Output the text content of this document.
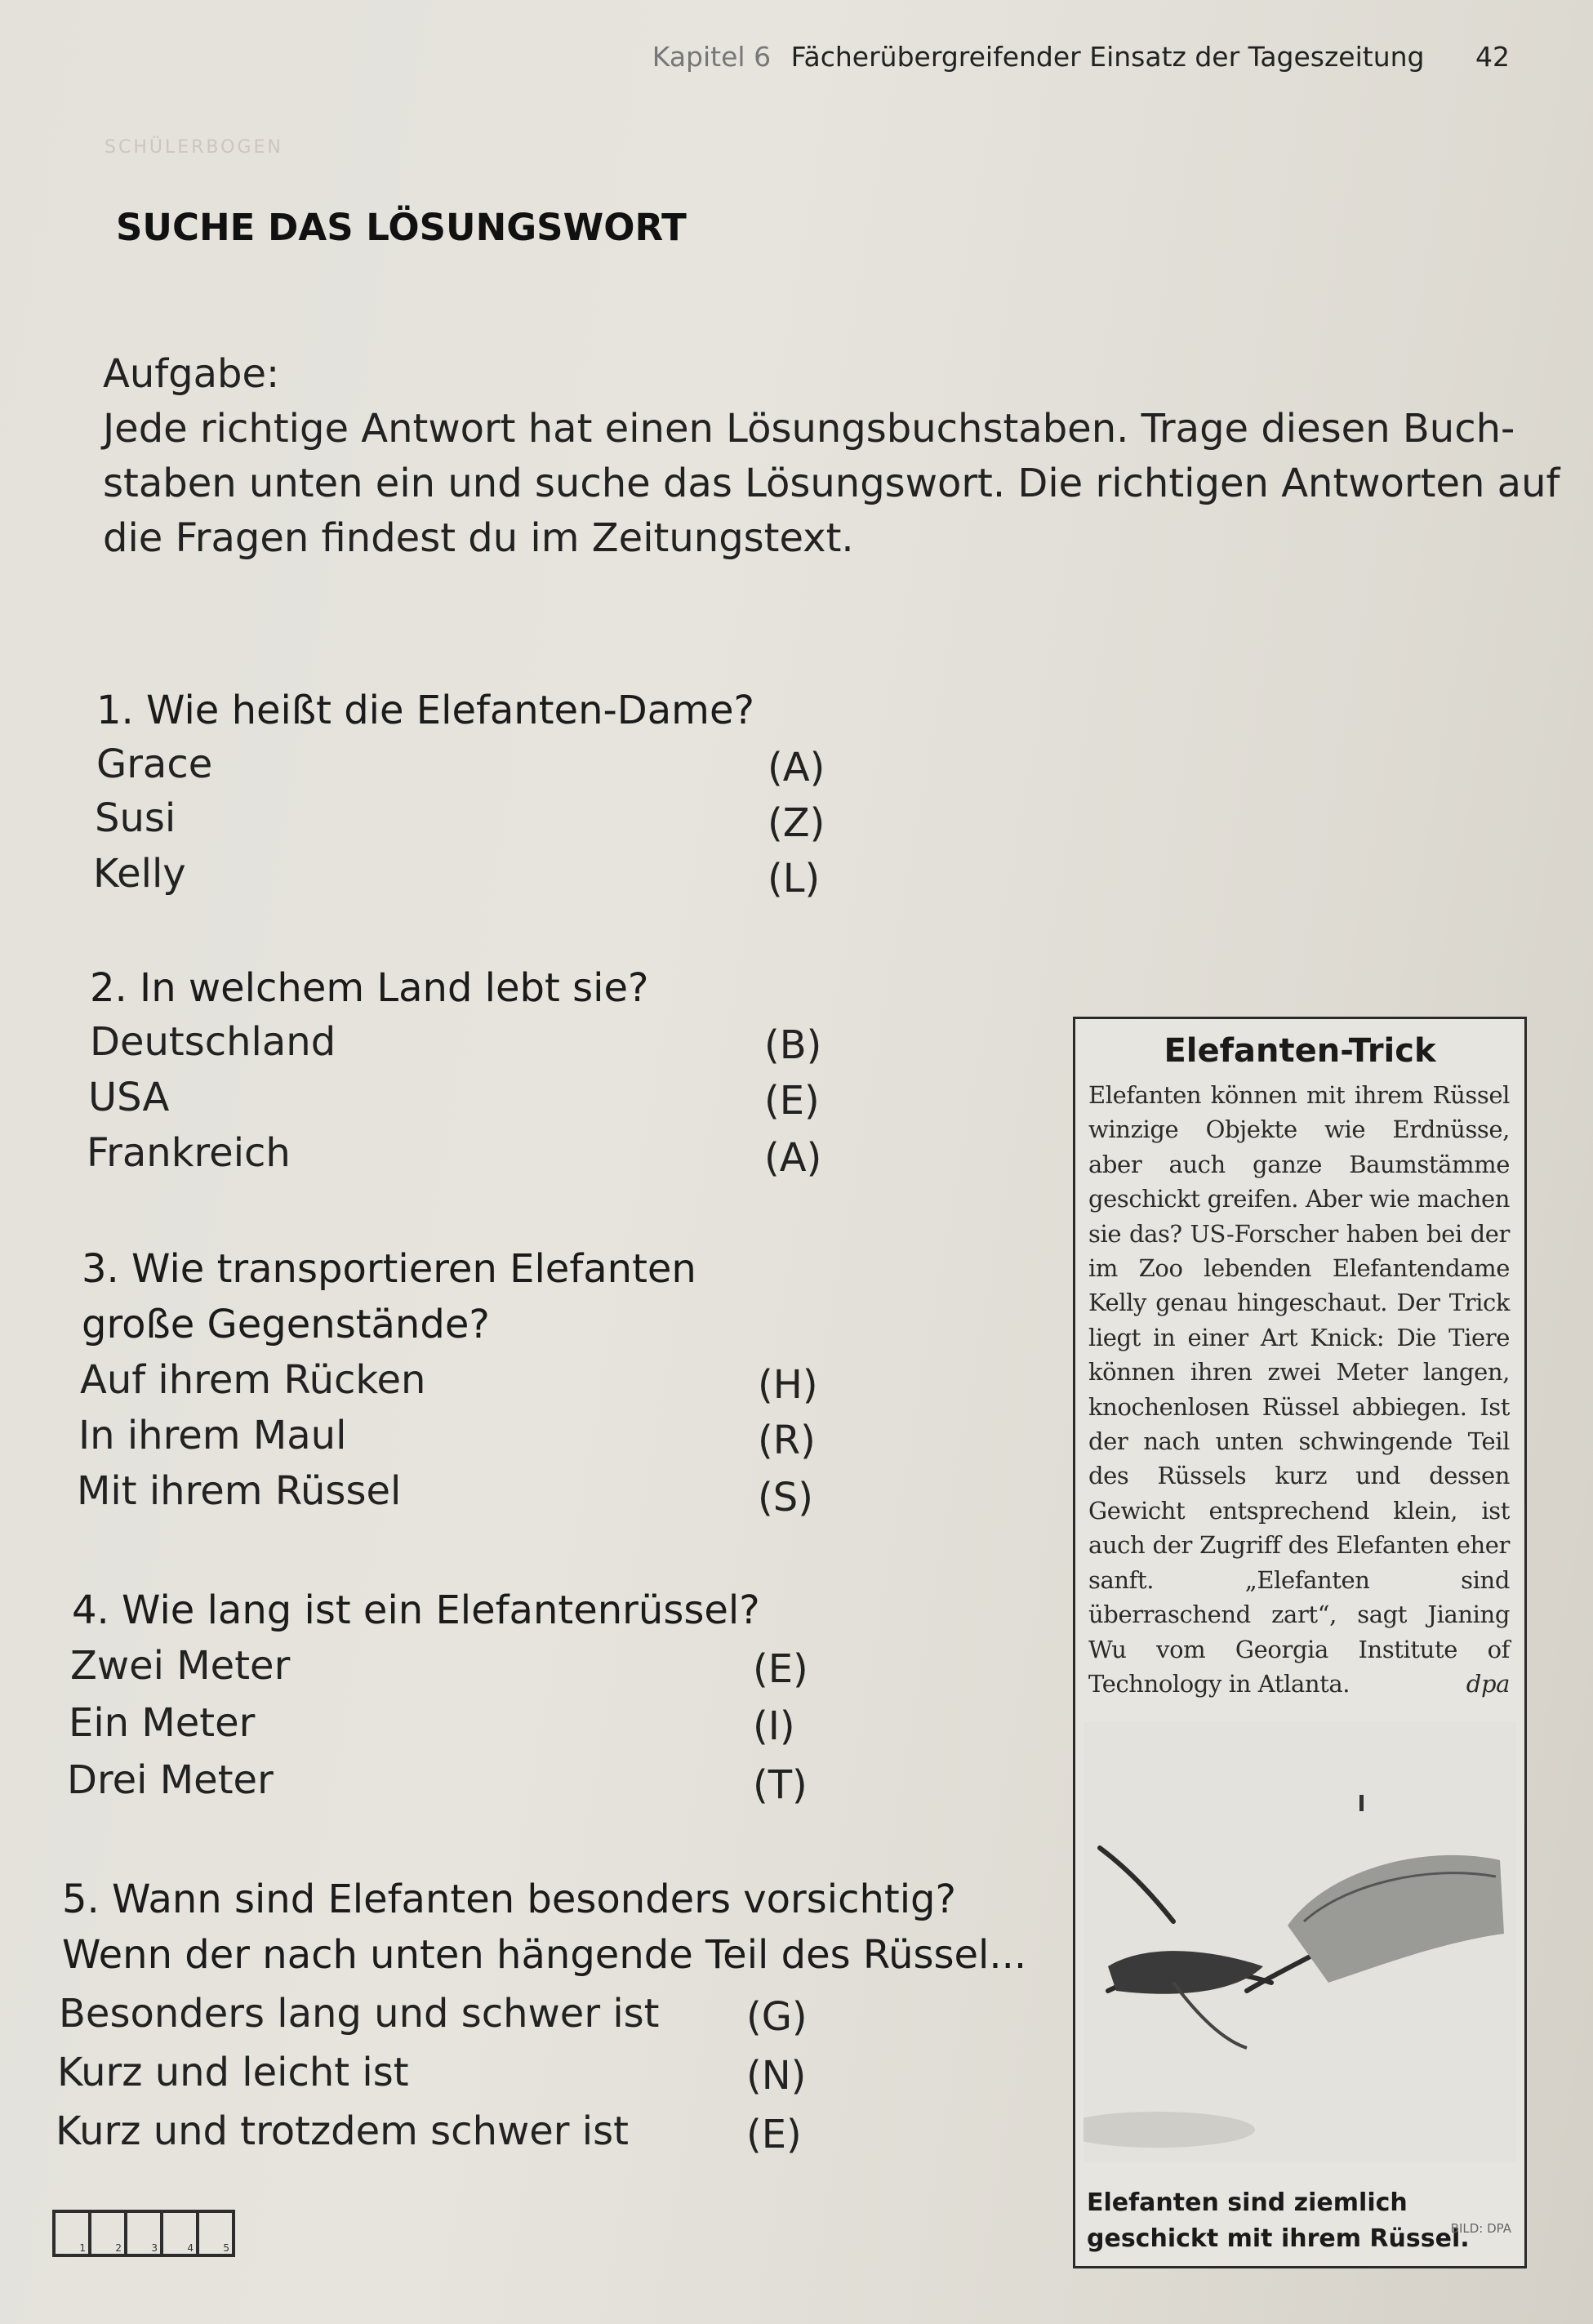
Kapitel 6 Fächerübergreifender Einsatz der Tageszeitung 42
SCHÜLERBOGEN
SUCHE DAS LÖSUNGSWORT
Aufgabe:
Jede richtige Antwort hat einen Lösungsbuchstaben. Trage diesen Buch-
staben unten ein und suche das Lösungswort. Die richtigen Antworten auf
die Fragen findest du im Zeitungstext.
1. Wie heißt die Elefanten-Dame?
Grace	(A)
Susi	(Z)
Kelly	(L)
2. In welchem Land lebt sie?
Deutschland	(B)
USA	(E)
Frankreich	(A)
3. Wie transportieren Elefanten
große Gegenstände?
Auf ihrem Rücken	(H)
In ihrem Maul	(R)
Mit ihrem Rüssel	(S)
4. Wie lang ist ein Elefantenrüssel?
Zwei Meter	(E)
Ein Meter	(I)
Drei Meter	(T)
5. Wann sind Elefanten besonders vorsichtig?
Wenn der nach unten hängende Teil des Rüssel...
Besonders lang und schwer ist (G)
Kurz und leicht ist	(N)
Kurz und trotzdem schwer ist	(E)
1	2	3	4	5
Elefanten-Trick
Elefanten können mit ihrem Rüssel winzige Objekte wie Erdnüsse, aber auch ganze Baumstämme geschickt greifen. Aber wie machen sie das? US-Forscher haben bei der im Zoo lebenden Elefantendame Kelly genau hingeschaut. Der Trick liegt in einer Art Knick: Die Tiere können ihren zwei Meter langen, knochenlosen Rüssel abbiegen. Ist der nach unten schwingende Teil des Rüssels kurz und dessen Gewicht entsprechend klein, ist auch der Zugriff des Elefanten eher sanft. „Elefanten sind überraschend zart“, sagt Jianing Wu vom Georgia Institute of Technology in Atlanta.	dpa
Elefanten sind ziemlich geschickt mit ihrem Rüssel.
BILD: DPA
